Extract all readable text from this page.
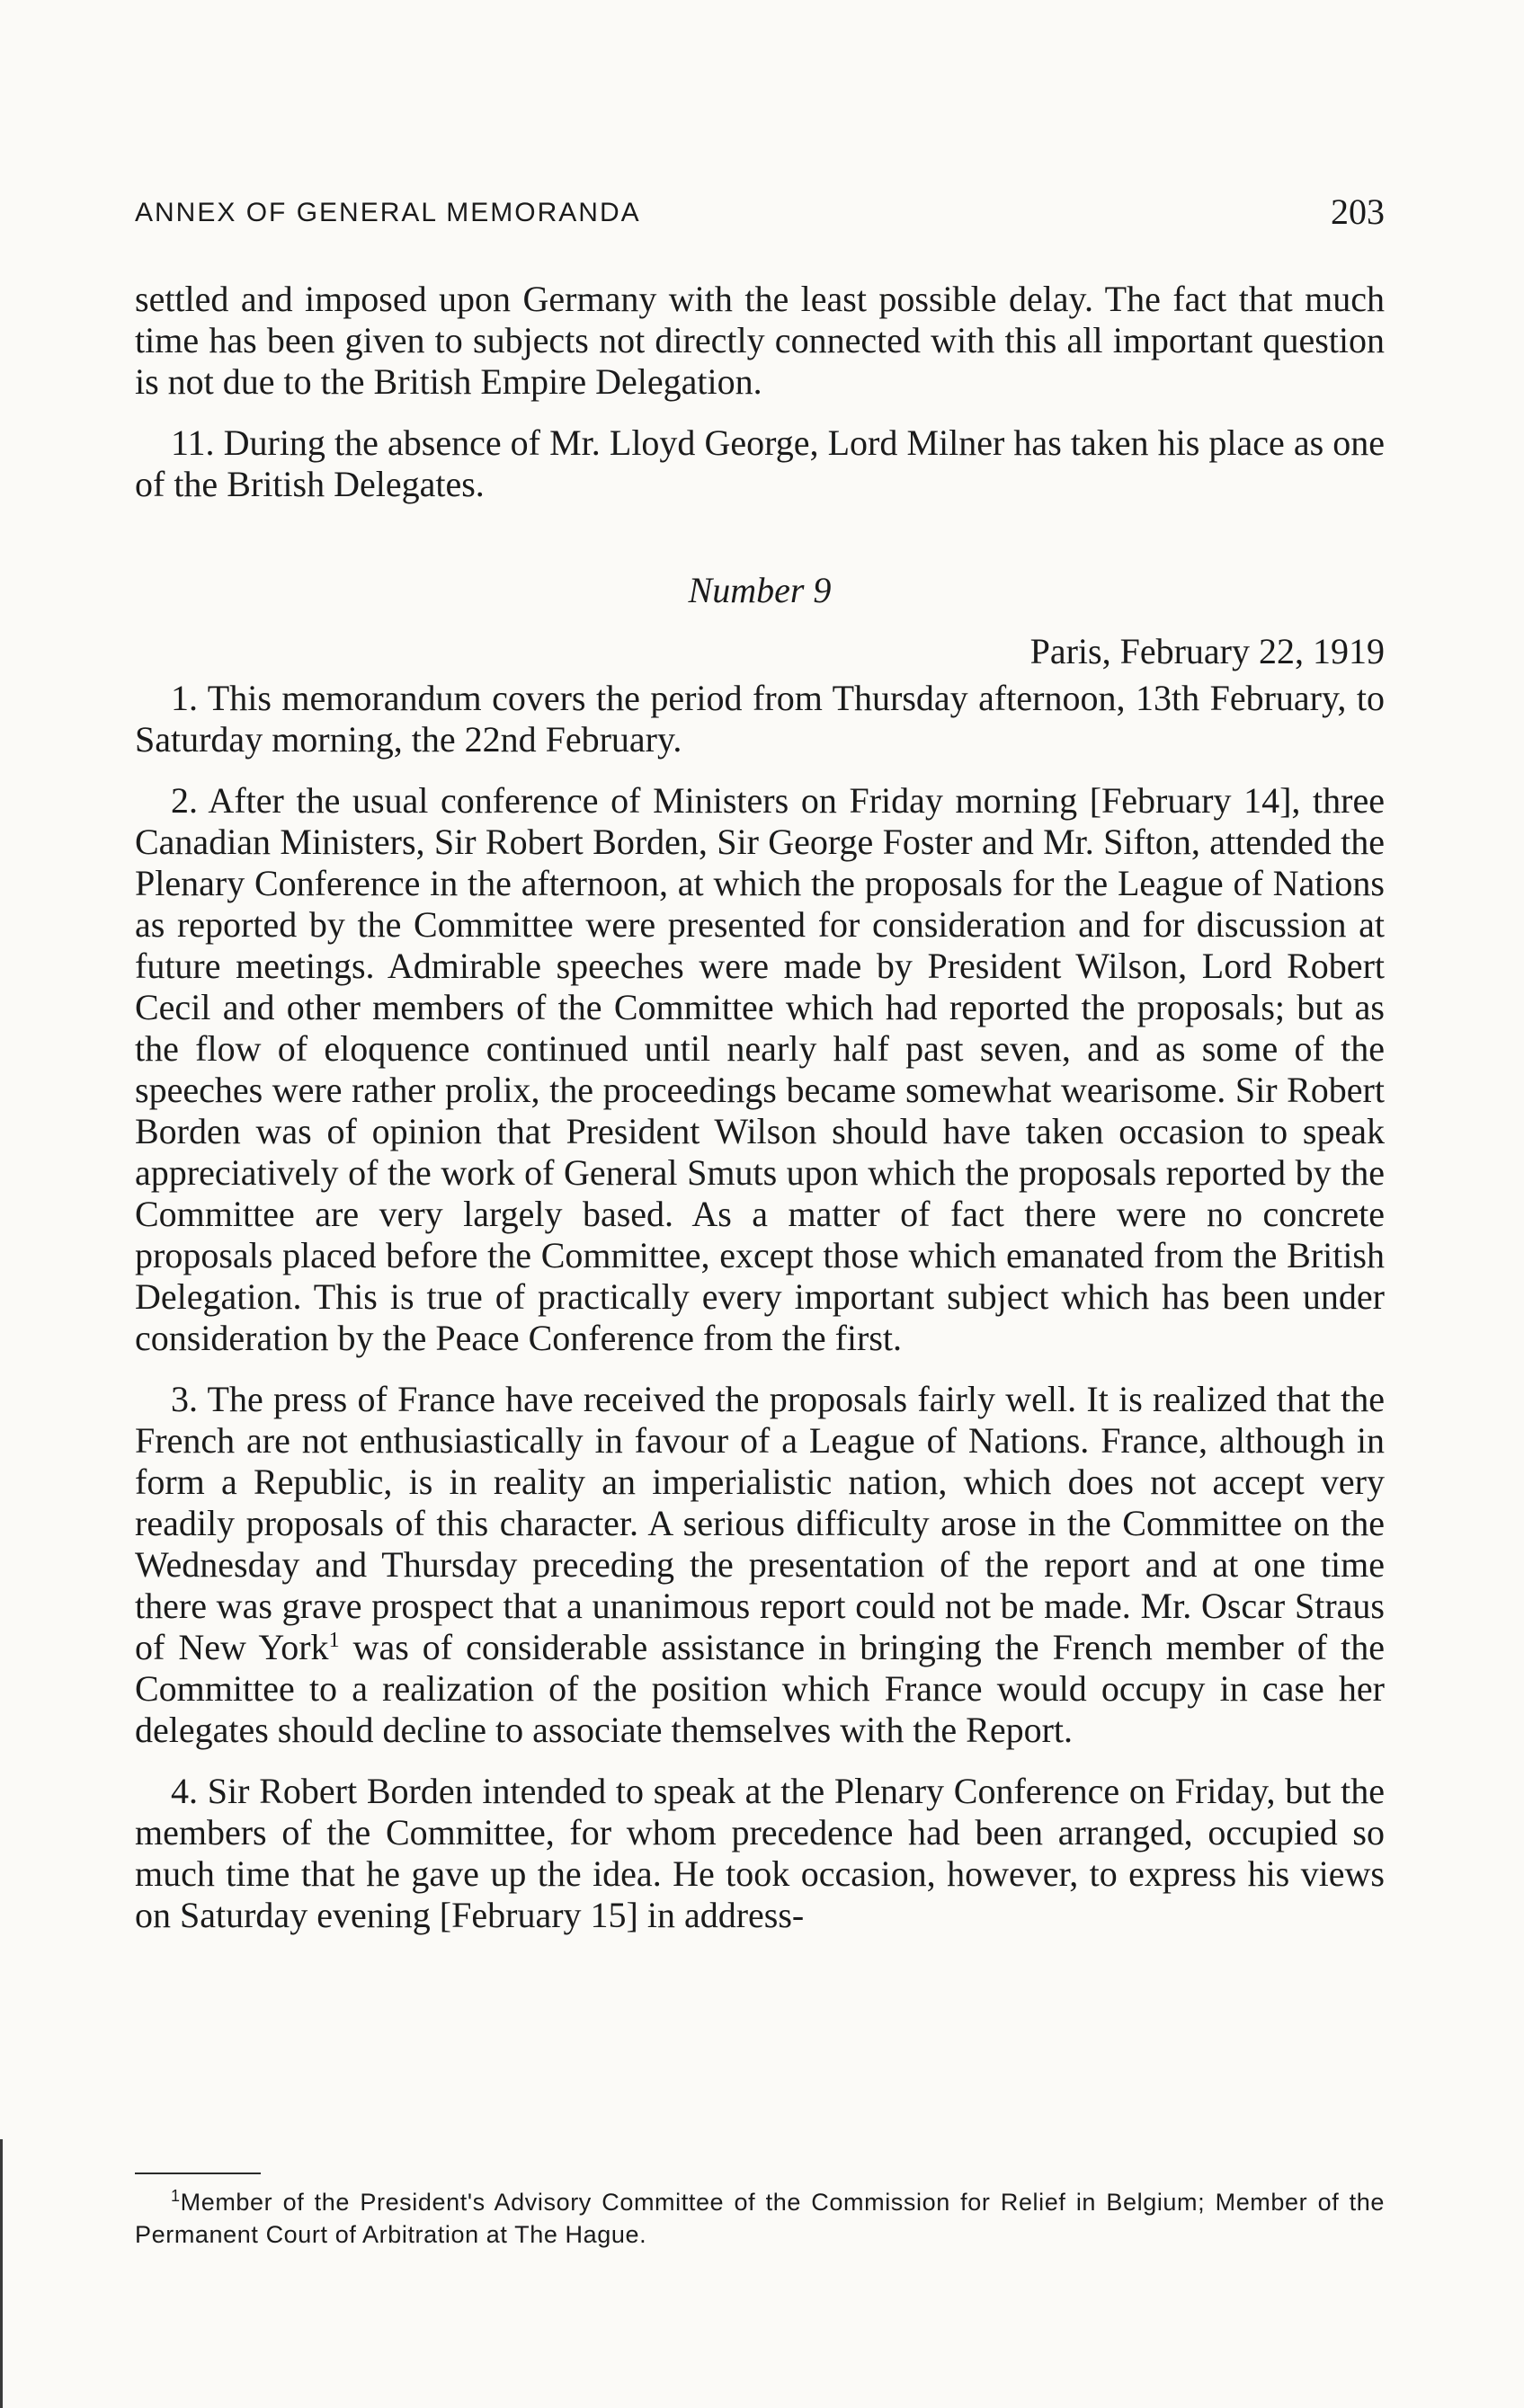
ANNEX OF GENERAL MEMORANDA	203

settled and imposed upon Germany with the least possible delay. The fact that much time has been given to subjects not directly connected with this all important question is not due to the British Empire Delegation.

11. During the absence of Mr. Lloyd George, Lord Milner has taken his place as one of the British Delegates.

Number 9

Paris, February 22, 1919

1. This memorandum covers the period from Thursday afternoon, 13th February, to Saturday morning, the 22nd February.

2. After the usual conference of Ministers on Friday morning [February 14], three Canadian Ministers, Sir Robert Borden, Sir George Foster and Mr. Sifton, attended the Plenary Conference in the afternoon, at which the proposals for the League of Nations as reported by the Committee were presented for consideration and for discussion at future meetings. Admirable speeches were made by President Wilson, Lord Robert Cecil and other members of the Committee which had reported the proposals; but as the flow of eloquence continued until nearly half past seven, and as some of the speeches were rather prolix, the proceedings became somewhat wearisome. Sir Robert Borden was of opinion that President Wilson should have taken occasion to speak appreciatively of the work of General Smuts upon which the proposals reported by the Committee are very largely based. As a matter of fact there were no concrete proposals placed before the Committee, except those which emanated from the British Delegation. This is true of practically every important subject which has been under consideration by the Peace Conference from the first.

3. The press of France have received the proposals fairly well. It is realized that the French are not enthusiastically in favour of a League of Nations. France, although in form a Republic, is in reality an imperialistic nation, which does not accept very readily proposals of this character. A serious difficulty arose in the Committee on the Wednesday and Thursday preceding the presentation of the report and at one time there was grave prospect that a unanimous report could not be made. Mr. Oscar Straus of New York$^1$ was of considerable assistance in bringing the French member of the Committee to a realization of the position which France would occupy in case her delegates should decline to associate themselves with the Report.

4. Sir Robert Borden intended to speak at the Plenary Conference on Friday, but the members of the Committee, for whom precedence had been arranged, occupied so much time that he gave up the idea. He took occasion, however, to express his views on Saturday evening [February 15] in address-

$^1$Member of the President's Advisory Committee of the Commission for Relief in Belgium; Member of the Permanent Court of Arbitration at The Hague.
